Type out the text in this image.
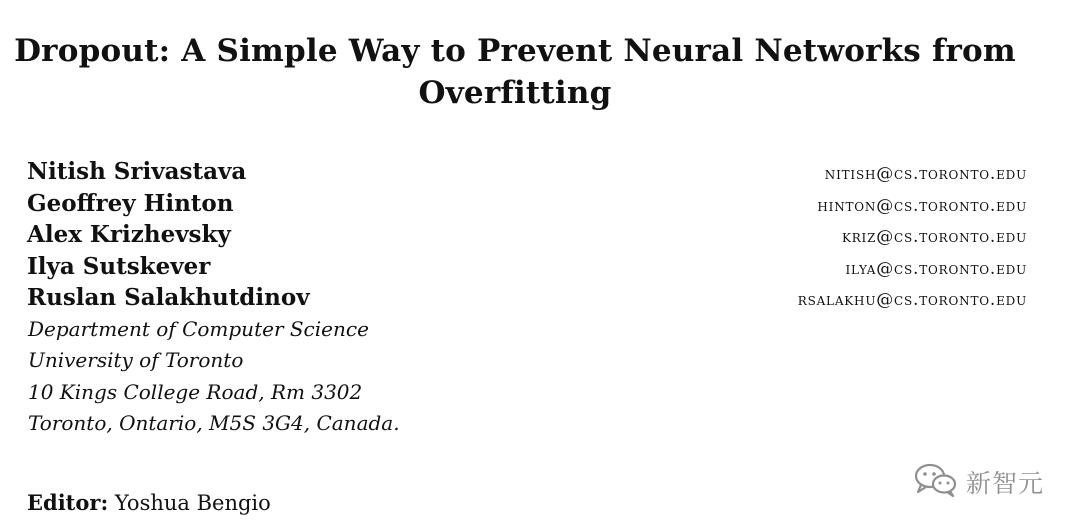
Dropout: A Simple Way to Prevent Neural Networks from
Overfitting
Nitish Srivastava	nitish@cs.toronto.edu
Geoffrey Hinton	hinton@cs.toronto.edu
Alex Krizhevsky	kriz@cs.toronto.edu
Ilya Sutskever	ilya@cs.toronto.edu
Ruslan Salakhutdinov	rsalakhu@cs.toronto.edu
Department of Computer Science
University of Toronto
10 Kings College Road, Rm 3302
Toronto, Ontario, M5S 3G4, Canada.
Editor: Yoshua Bengio
新智元
